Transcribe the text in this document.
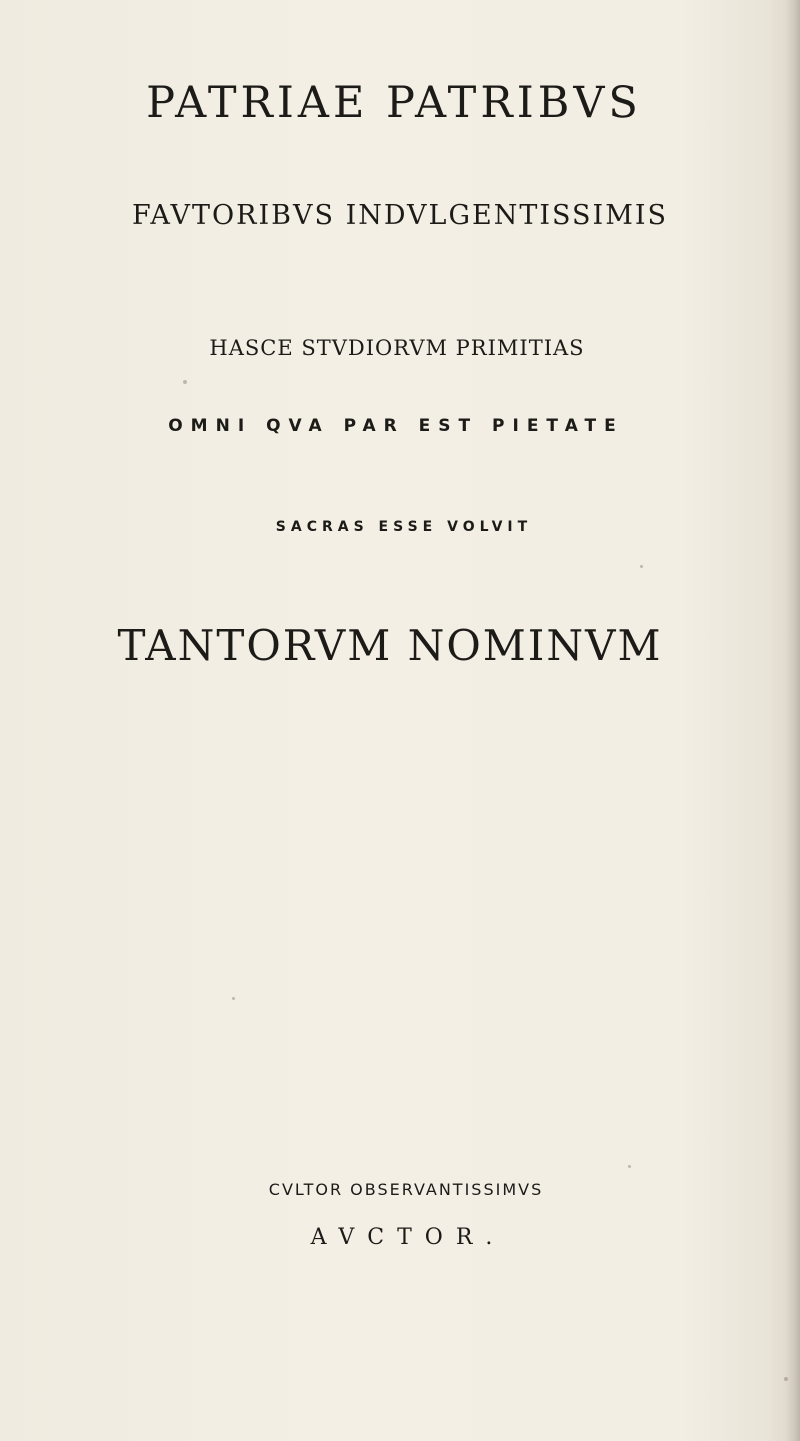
PATRIAE PATRIBVS

FAVTORIBVS INDVLGENTISSIMIS

HASCE STVDIORVM PRIMITIAS

OMNI QVA PAR EST PIETATE

SACRAS ESSE VOLVIT

TANTORVM NOMINVM

CVLTOR OBSERVANTISSIMVS

AVCTOR.
